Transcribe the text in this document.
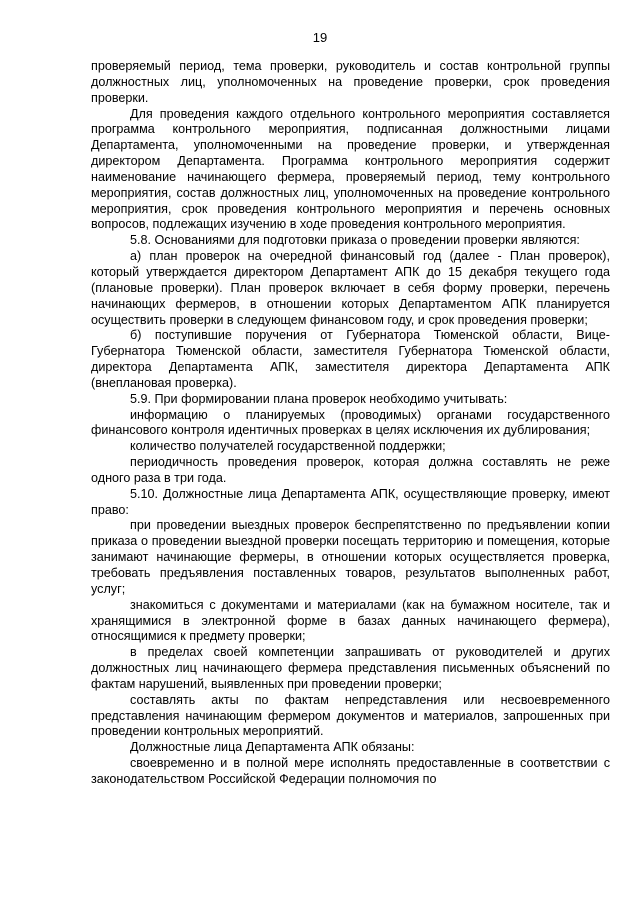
19

проверяемый период, тема проверки, руководитель и состав контрольной группы должностных лиц, уполномоченных на проведение проверки, срок проведения проверки.

Для проведения каждого отдельного контрольного мероприятия составляется программа контрольного мероприятия, подписанная должностными лицами Департамента, уполномоченными на проведение проверки, и утвержденная директором Департамента. Программа контрольного мероприятия содержит наименование начинающего фермера, проверяемый период, тему контрольного мероприятия, состав должностных лиц, уполномоченных на проведение контрольного мероприятия, срок проведения контрольного мероприятия и перечень основных вопросов, подлежащих изучению в ходе проведения контрольного мероприятия.

5.8. Основаниями для подготовки приказа о проведении проверки являются:

а) план проверок на очередной финансовый год (далее - План проверок), который утверждается директором Департамент АПК до 15 декабря текущего года (плановые проверки). План проверок включает в себя форму проверки, перечень начинающих фермеров, в отношении которых Департаментом АПК планируется осуществить проверки в следующем финансовом году, и срок проведения проверки;

б) поступившие поручения от Губернатора Тюменской области, Вице-Губернатора Тюменской области, заместителя Губернатора Тюменской области, директора Департамента АПК, заместителя директора Департамента АПК (внеплановая проверка).

5.9. При формировании плана проверок необходимо учитывать:

информацию о планируемых (проводимых) органами государственного финансового контроля идентичных проверках в целях исключения их дублирования;

количество получателей государственной поддержки;

периодичность проведения проверок, которая должна составлять не реже одного раза в три года.

5.10. Должностные лица Департамента АПК, осуществляющие проверку, имеют право:

при проведении выездных проверок беспрепятственно по предъявлении копии приказа о проведении выездной проверки посещать территорию и помещения, которые занимают начинающие фермеры, в отношении которых осуществляется проверка, требовать предъявления поставленных товаров, результатов выполненных работ, услуг;

знакомиться с документами и материалами (как на бумажном носителе, так и хранящимися в электронной форме в базах данных начинающего фермера), относящимися к предмету проверки;

в пределах своей компетенции запрашивать от руководителей и других должностных лиц начинающего фермера представления письменных объяснений по фактам нарушений, выявленных при проведении проверки;

составлять акты по фактам непредставления или несвоевременного представления начинающим фермером документов и материалов, запрошенных при проведении контрольных мероприятий.

Должностные лица Департамента АПК обязаны:

своевременно и в полной мере исполнять предоставленные в соответствии с законодательством Российской Федерации полномочия по
